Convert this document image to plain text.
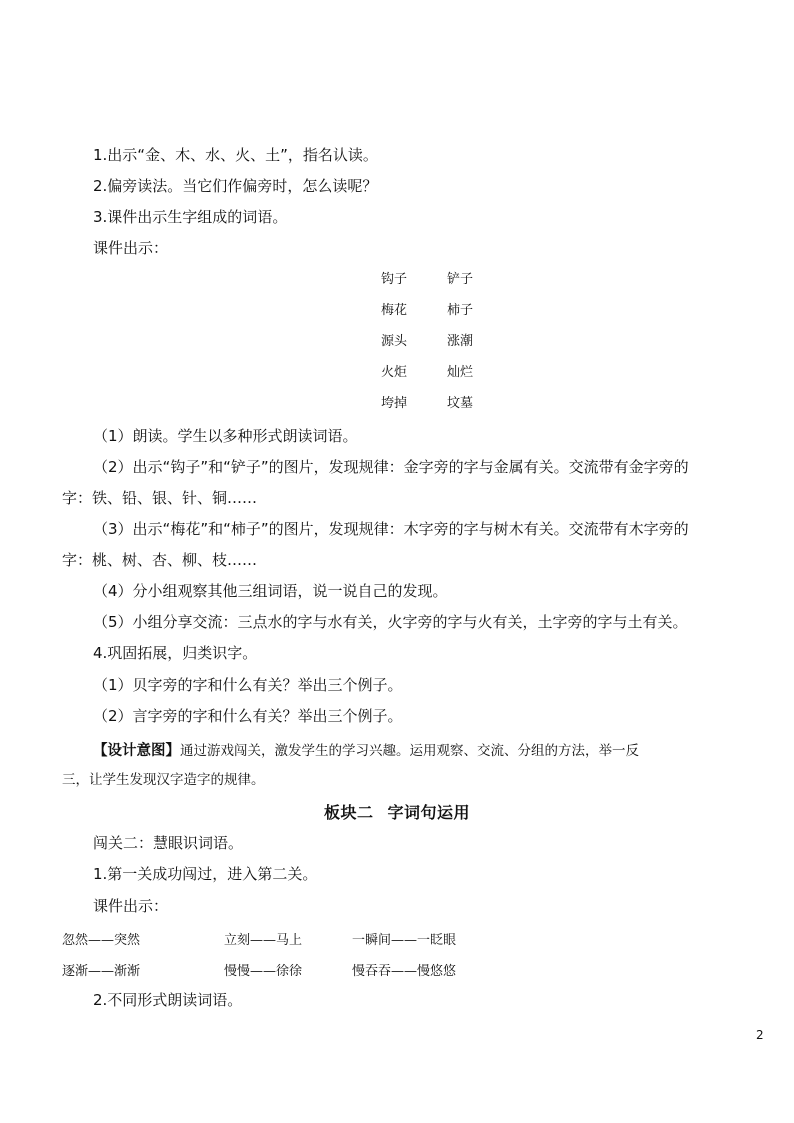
1.出示“金、木、水、火、土”，指名认读。
2.偏旁读法。当它们作偏旁时，怎么读呢？
3.课件出示生字组成的词语。
课件出示：
钩子	铲子
梅花	柿子
源头	涨潮
火炬	灿烂
垮掉	坟墓
（1）朗读。学生以多种形式朗读词语。
（2）出示“钩子”和“铲子”的图片，发现规律：金字旁的字与金属有关。交流带有金字旁的
字：铁、铅、银、针、铜……
（3）出示“梅花”和“柿子”的图片，发现规律：木字旁的字与树木有关。交流带有木字旁的
字：桃、树、杏、柳、枝……
（4）分小组观察其他三组词语，说一说自己的发现。
（5）小组分享交流：三点水的字与水有关，火字旁的字与火有关，土字旁的字与土有关。
4.巩固拓展，归类识字。
（1）贝字旁的字和什么有关？举出三个例子。
（2）言字旁的字和什么有关？举出三个例子。
【设计意图】通过游戏闯关，激发学生的学习兴趣。运用观察、交流、分组的方法，举一反
三，让学生发现汉字造字的规律。
板块二 字词句运用
闯关二：慧眼识词语。
1.第一关成功闯过，进入第二关。
课件出示：
忽然——突然	立刻——马上	一瞬间——一眨眼
逐渐——渐渐	慢慢——徐徐	慢吞吞——慢悠悠
2.不同形式朗读词语。
2
